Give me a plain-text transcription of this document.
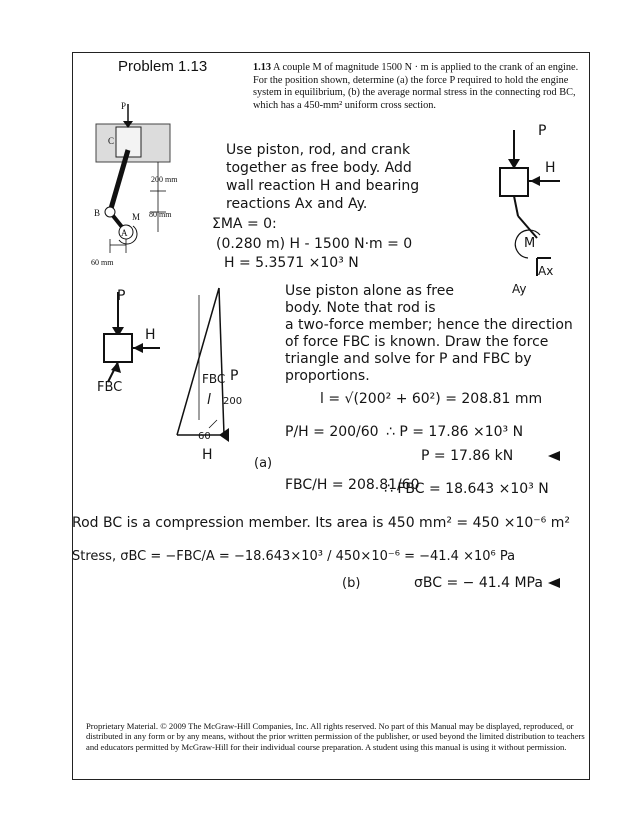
Problem 1.13	1.13 A couple M of magnitude 1500 N · m is applied to the crank of an engine. For the position shown, determine (a) the force P required to hold the engine system in equilibrium, (b) the average normal stress in the connecting rod BC, which has a 450-mm² uniform cross section.
P
C
B
A
M
200 mm
80 mm
60 mm
Use piston, rod, and crank
together as free body. Add
wall reaction H and bearing
reactions Ax and Ay.
ΣMA = 0:
(0.280 m) H - 1500 N·m = 0
H = 5.3571 ×10³ N
P
H
M
Ax
Ay
P
H
FBC
FBC
l
P
200
60
H
Use piston alone as free
body. Note that rod is
a two-force member; hence the direction
of force FBC is known. Draw the force
triangle and solve for P and FBC by
proportions.
l = √(200² + 60²) = 208.81 mm
P/H = 200/60 ∴ P = 17.86 ×10³ N
(a)	P = 17.86 kN
FBC/H = 208.81/60
∴ FBC = 18.643 ×10³ N
Rod BC is a compression member. Its area is 450 mm² = 450 ×10⁻⁶ m²
Stress, σBC = −FBC/A = −18.643×10³ / 450×10⁻⁶ = −41.4 ×10⁶ Pa
(b)	σBC = − 41.4 MPa
Proprietary Material. © 2009 The McGraw-Hill Companies, Inc. All rights reserved. No part of this Manual may be displayed, reproduced, or distributed in any form or by any means, without the prior written permission of the publisher, or used beyond the limited distribution to teachers and educators permitted by McGraw-Hill for their individual course preparation. A student using this manual is using it without permission.
